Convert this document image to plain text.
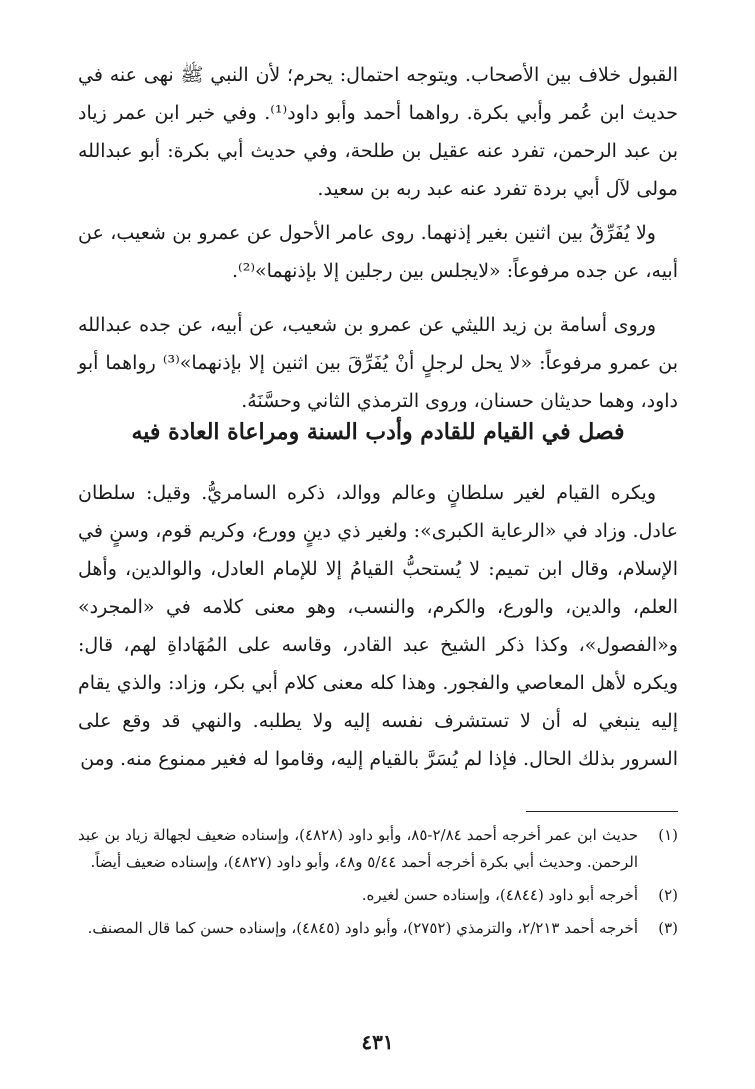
القبول خلاف بين الأصحاب. ويتوجه احتمال: يحرم؛ لأن النبي ﷺ نهى عنه في حديث ابن عُمر وأبي بكرة. رواهما أحمد وأبو داود⁽¹⁾. وفي خبر ابن عمر زياد بن عبد الرحمن، تفرد عنه عقيل بن طلحة، وفي حديث أبي بكرة: أبو عبدالله مولى لآل أبي بردة تفرد عنه عبد ربه بن سعيد.

ولا يُفَرِّقُ بين اثنين بغير إذنهما. روى عامر الأحول عن عمرو بن شعيب، عن أبيه، عن جده مرفوعاً: «لايجلس بين رجلين إلا بإذنهما»⁽²⁾.

وروى أسامة بن زيد الليثي عن عمرو بن شعيب، عن أبيه، عن جده عبدالله بن عمرو مرفوعاً: «لا يحل لرجلٍ أنْ يُفَرِّقَ بين اثنين إلا بإذنهما»⁽³⁾ رواهما أبو داود، وهما حديثان حسنان، وروى الترمذي الثاني وحسَّنَهُ.

فصل في القيام للقادم وأدب السنة ومراعاة العادة فيه

ويكره القيام لغير سلطانٍ وعالم ووالد، ذكره السامريُّ. وقيل: سلطان عادل. وزاد في «الرعاية الكبرى»: ولغير ذي دينٍ وورع، وكريم قوم، وسنٍ في الإسلام، وقال ابن تميم: لا يُستحبُّ القيامُ إلا للإمام العادل، والوالدين، وأهل العلم، والدين، والورع، والكرم، والنسب، وهو معنى كلامه في «المجرد» و«الفصول»، وكذا ذكر الشيخ عبد القادر، وقاسه على المُهَاداةِ لهم، قال: ويكره لأهل المعاصي والفجور. وهذا كله معنى كلام أبي بكر، وزاد: والذي يقام إليه ينبغي له أن لا تستشرف نفسه إليه ولا يطلبه. والنهي قد وقع على السرور بذلك الحال. فإذا لم يُسَرَّ بالقيام إليه، وقاموا له فغير ممنوع منه. ومن

(١)
حديث ابن عمر أخرجه أحمد ٢/٨٤-٨٥، وأبو داود (٤٨٢٨)، وإسناده ضعيف لجهالة زياد بن عبد الرحمن. وحديث أبي بكرة أخرجه أحمد ٥/٤٤ و٤٨، وأبو داود (٤٨٢٧)، وإسناده ضعيف أيضاً.
(٢)
أخرجه أبو داود (٤٨٤٤)، وإسناده حسن لغيره.
(٣)
أخرجه أحمد ٢/٢١٣، والترمذي (٢٧٥٢)، وأبو داود (٤٨٤٥)، وإسناده حسن كما قال المصنف.
٤٣١
